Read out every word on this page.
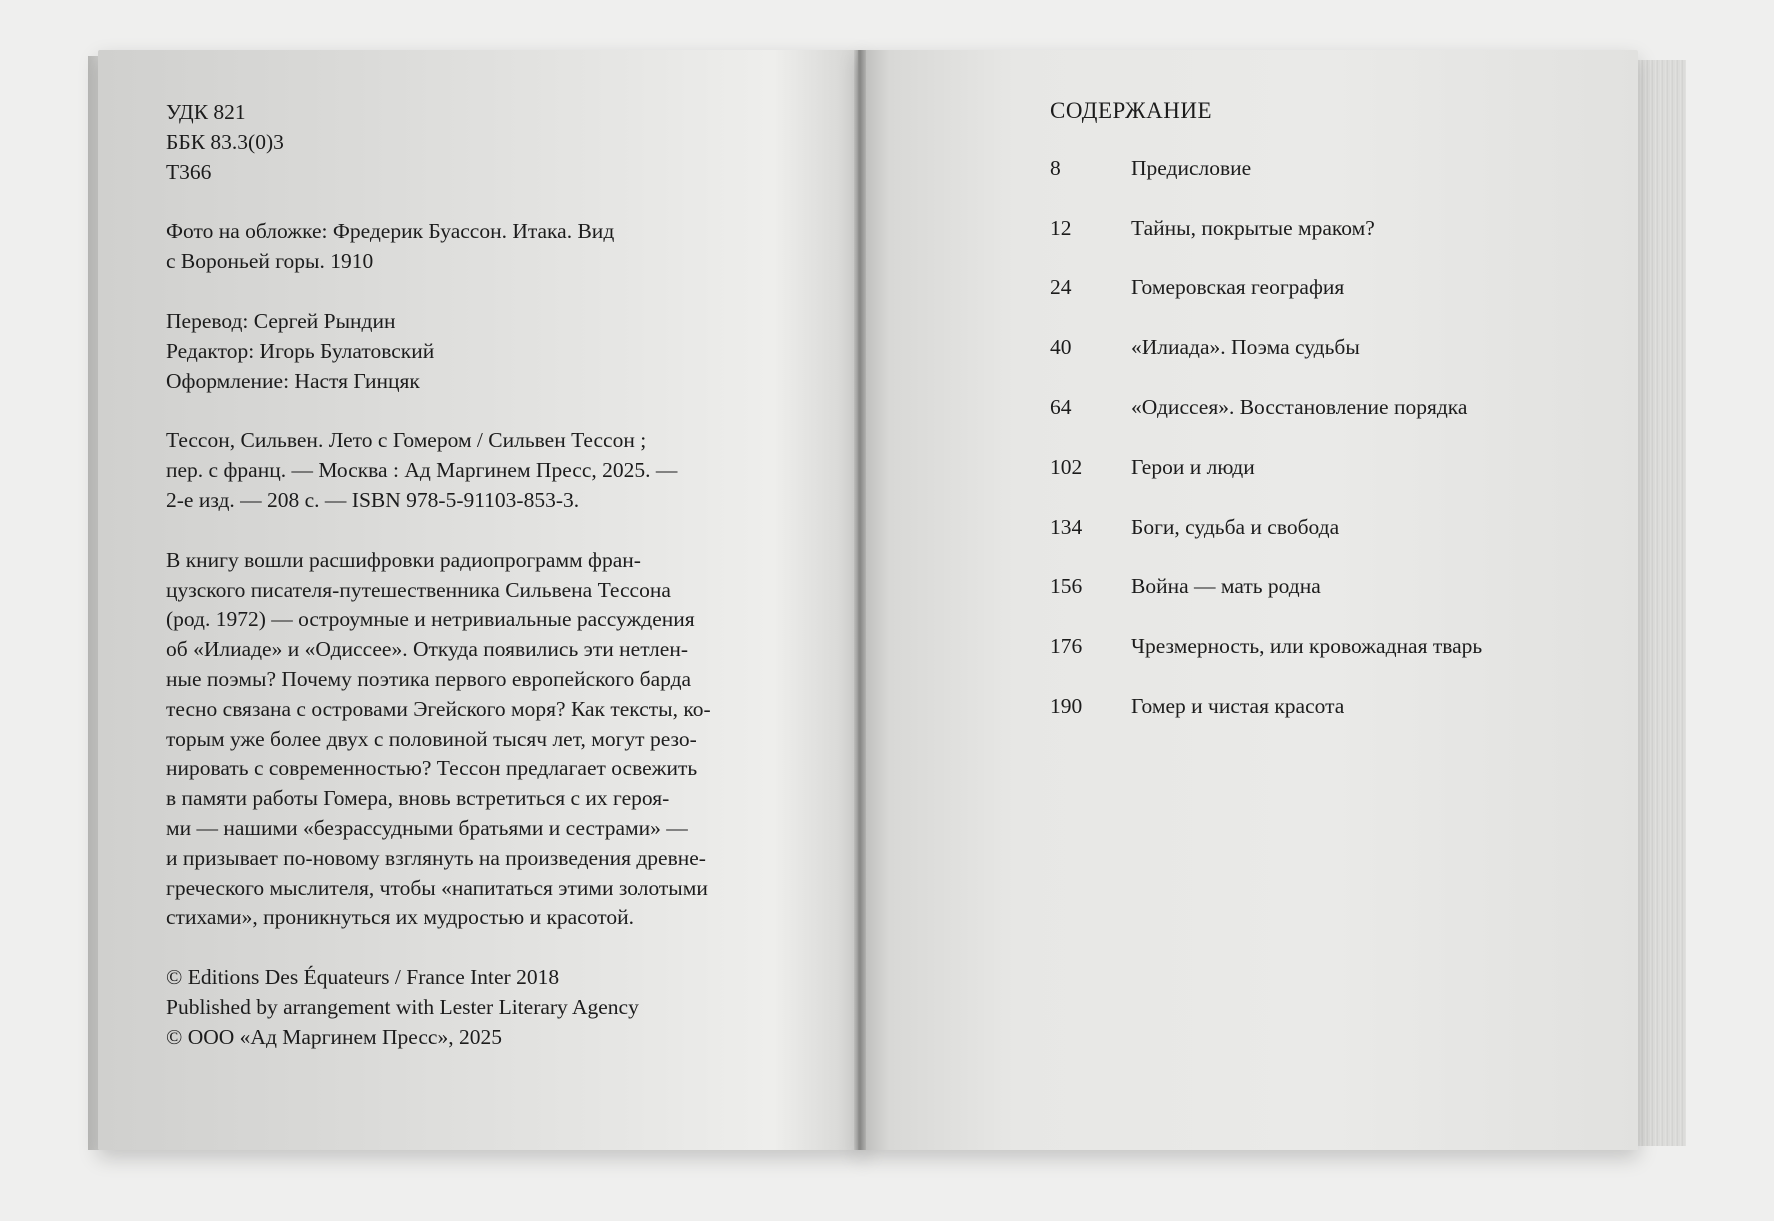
УДК 821
ББК 83.3(0)3
Т366
Фото на обложке: Фредерик Буассон. Итака. Вид
с Вороньей горы. 1910
Перевод: Сергей Рындин
Редактор: Игорь Булатовский
Оформление: Настя Гинцяк
Тессон, Сильвен. Лето с Гомером / Сильвен Тессон ;
пер. с франц. — Москва : Ад Маргинем Пресс, 2025. —
2-е изд. — 208 с. — ISBN 978-5-91103-853-3.
В книгу вошли расшифровки радиопрограмм фран-
цузского писателя-путешественника Сильвена Тессона
(род. 1972) — остроумные и нетривиальные рассуждения
об «Илиаде» и «Одиссее». Откуда появились эти нетлен-
ные поэмы? Почему поэтика первого европейского барда
тесно связана с островами Эгейского моря? Как тексты, ко-
торым уже более двух с половиной тысяч лет, могут резо-
нировать с современностью? Тессон предлагает освежить
в памяти работы Гомера, вновь встретиться с их героя-
ми — нашими «безрассудными братьями и сестрами» —
и призывает по-новому взглянуть на произведения древне-
греческого мыслителя, чтобы «напитаться этими золотыми
стихами», проникнуться их мудростью и красотой.
© Editions Des Équateurs / France Inter 2018
Published by arrangement with Lester Literary Agency
© ООО «Ад Маргинем Пресс», 2025
СОДЕРЖАНИЕ
8	Предисловие
12	Тайны, покрытые мраком?
24	Гомеровская география
40	«Илиада». Поэма судьбы
64	«Одиссея». Восстановление порядка
102	Герои и люди
134	Боги, судьба и свобода
156	Война — мать родна
176	Чрезмерность, или кровожадная тварь
190	Гомер и чистая красота
